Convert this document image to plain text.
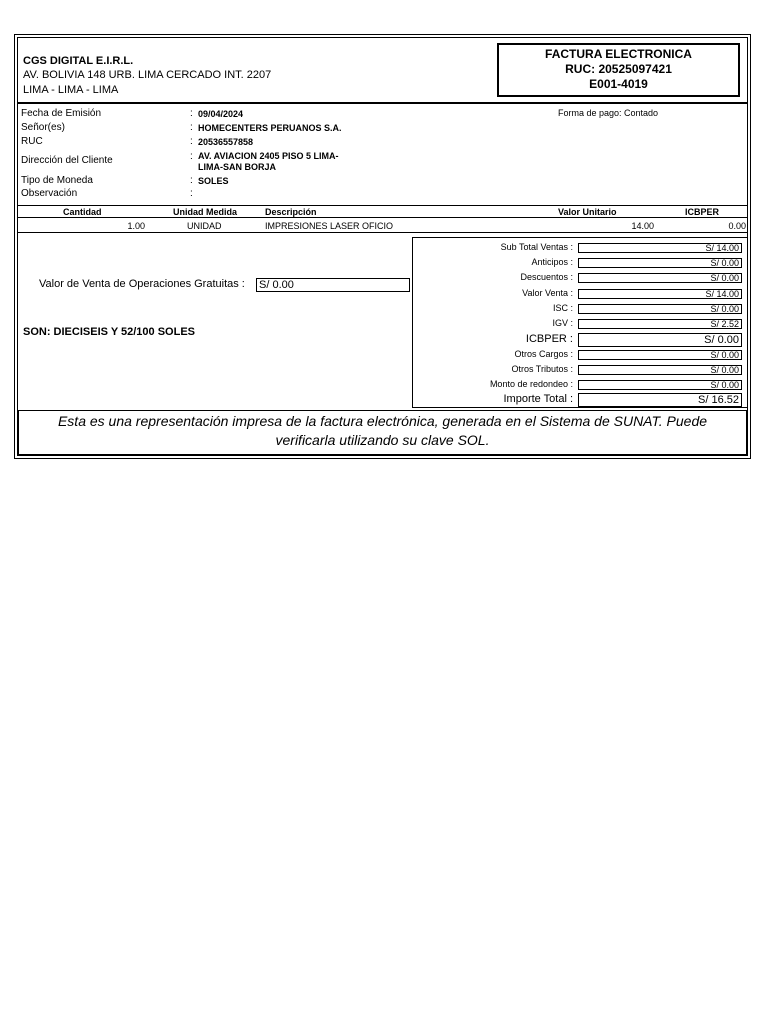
CGS DIGITAL E.I.R.L.
AV. BOLIVIA 148 URB. LIMA CERCADO INT. 2207
LIMA - LIMA - LIMA
FACTURA ELECTRONICA
RUC: 20525097421
E001-4019
Fecha de Emisión	: 09/04/2024	Forma de pago: Contado
Señor(es)	: HOMECENTERS PERUANOS S.A.
RUC	: 20536557858
Dirección del Cliente	: AV. AVIACION 2405 PISO 5 LIMA-
LIMA-SAN BORJA
Tipo de Moneda	: SOLES
Observación	:
Cantidad	Unidad Medida	Descripción	Valor Unitario	ICBPER
1.00	UNIDAD	IMPRESIONES LASER OFICIO	14.00	0.00
Valor de Venta de Operaciones Gratuitas : S/ 0.00
SON: DIECISEIS Y 52/100 SOLES
Sub Total Ventas :	S/ 14.00
Anticipos :	S/ 0.00
Descuentos :	S/ 0.00
Valor Venta :	S/ 14.00
ISC :	S/ 0.00
IGV :	S/ 2.52
ICBPER :	S/ 0.00
Otros Cargos :	S/ 0.00
Otros Tributos :	S/ 0.00
Monto de redondeo :	S/ 0.00
Importe Total :	S/ 16.52
Esta es una representación impresa de la factura electrónica, generada en el Sistema de SUNAT. Puede
verificarla utilizando su clave SOL.
